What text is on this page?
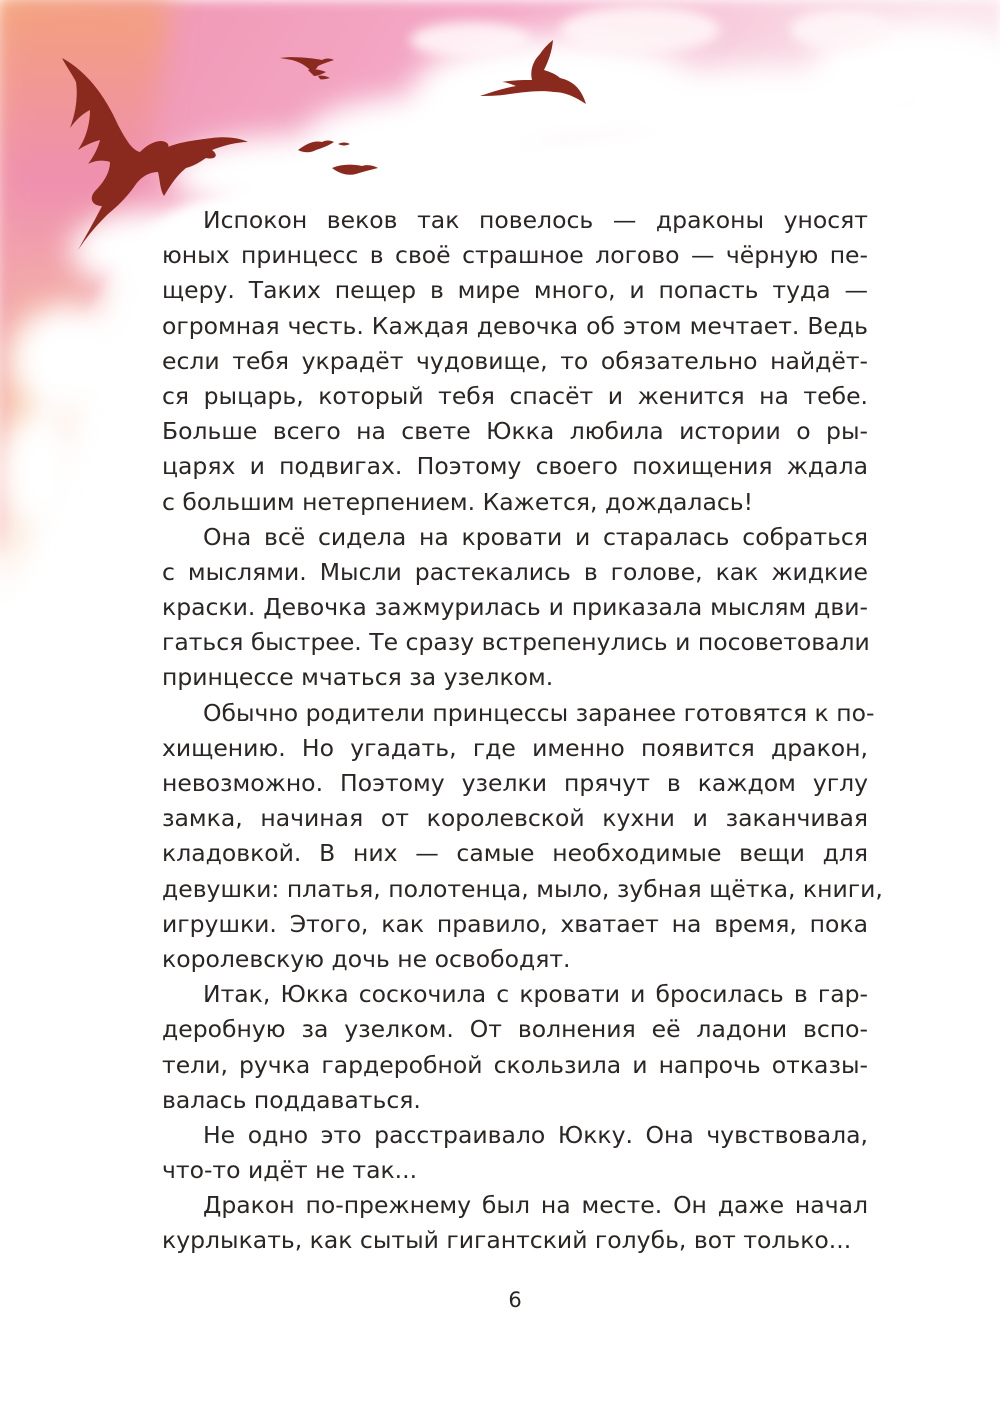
Испокон веков так повелось — драконы уносят
юных принцесс в своё страшное логово — чёрную пе-
щеру. Таких пещер в мире много, и попасть туда —
огромная честь. Каждая девочка об этом мечтает. Ведь
если тебя украдёт чудовище, то обязательно найдёт-
ся рыцарь, который тебя спасёт и женится на тебе.
Больше всего на свете Юкка любила истории о ры-
царях и подвигах. Поэтому своего похищения ждала
с большим нетерпением. Кажется, дождалась!
Она всё сидела на кровати и старалась собраться
с мыслями. Мысли растекались в голове, как жидкие
краски. Девочка зажмурилась и приказала мыслям дви-
гаться быстрее. Те сразу встрепенулись и посоветовали
принцессе мчаться за узелком.
Обычно родители принцессы заранее готовятся к по-
хищению. Но угадать, где именно появится дракон,
невозможно. Поэтому узелки прячут в каждом углу
замка, начиная от королевской кухни и заканчивая
кладовкой. В них — самые необходимые вещи для
девушки: платья, полотенца, мыло, зубная щётка, книги,
игрушки. Этого, как правило, хватает на время, пока
королевскую дочь не освободят.
Итак, Юкка соскочила с кровати и бросилась в гар-
деробную за узелком. От волнения её ладони вспо-
тели, ручка гардеробной скользила и напрочь отказы-
валась поддаваться.
Не одно это расстраивало Юкку. Она чувствовала,
что-то идёт не так...
Дракон по-прежнему был на месте. Он даже начал
курлыкать, как сытый гигантский голубь, вот только...
6
